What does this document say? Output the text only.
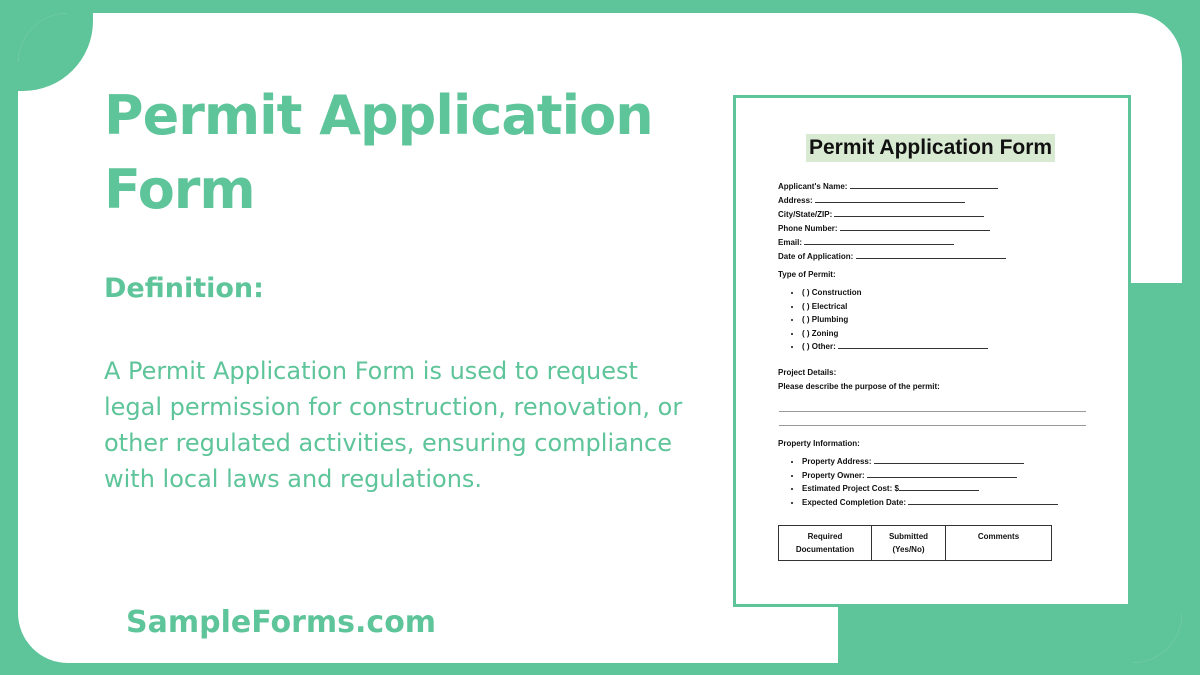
Permit Application Form
Definition:
A Permit Application Form is used to request legal permission for construction, renovation, or other regulated activities, ensuring compliance with local laws and regulations.
SampleForms.com
Permit Application Form
Applicant's Name:
Address:
City/State/ZIP:
Phone Number:
Email:
Date of Application:
Type of Permit:
• ( ) Construction
• ( ) Electrical
• ( ) Plumbing
• ( ) Zoning
• ( ) Other:
Project Details:
Please describe the purpose of the permit:
Property Information:
• Property Address:
• Property Owner:
• Estimated Project Cost: $
• Expected Completion Date:
Required Documentation
Submitted (Yes/No)
Comments
